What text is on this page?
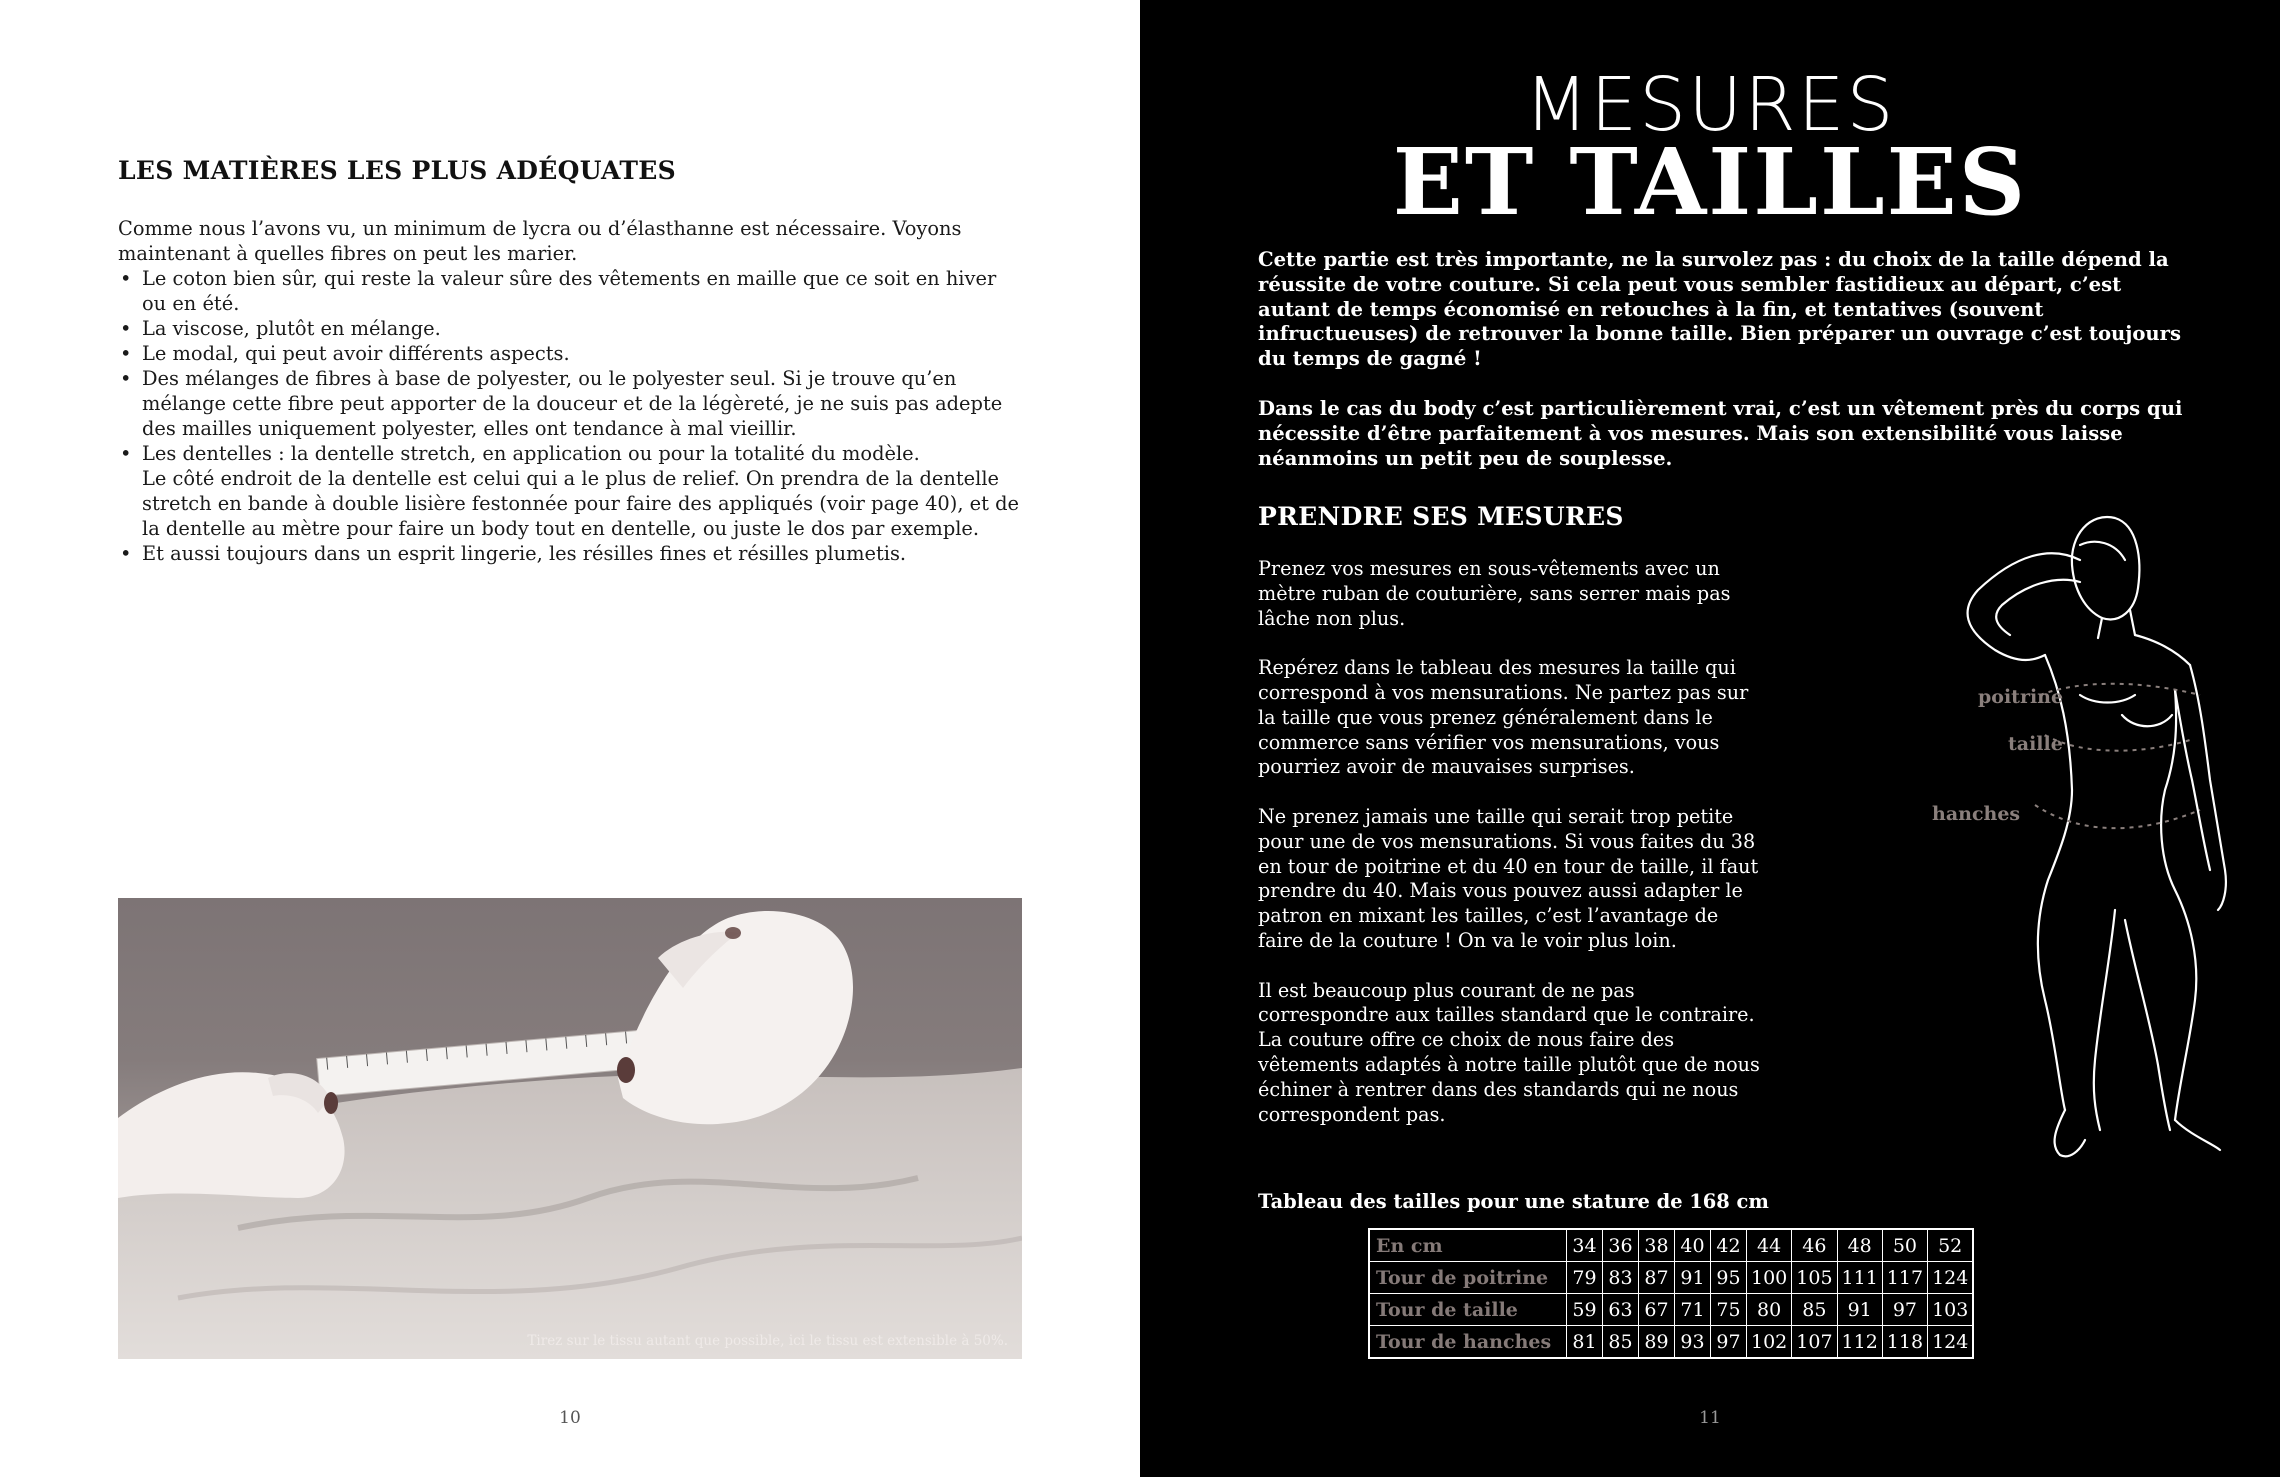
LES MATIÈRES LES PLUS ADÉQUATES

Comme nous l’avons vu, un minimum de lycra ou d’élasthanne est nécessaire. Voyons maintenant à quelles fibres on peut les marier.

• Le coton bien sûr, qui reste la valeur sûre des vêtements en maille que ce soit en hiver ou en été.
• La viscose, plutôt en mélange.
• Le modal, qui peut avoir différents aspects.
• Des mélanges de fibres à base de polyester, ou le polyester seul. Si je trouve qu’en mélange cette fibre peut apporter de la douceur et de la légèreté, je ne suis pas adepte des mailles uniquement polyester, elles ont tendance à mal vieillir.
• Les dentelles : la dentelle stretch, en application ou pour la totalité du modèle.
Le côté endroit de la dentelle est celui qui a le plus de relief. On prendra de la dentelle stretch en bande à double lisière festonnée pour faire des appliqués (voir page 40), et de la dentelle au mètre pour faire un body tout en dentelle, ou juste le dos par exemple.
• Et aussi toujours dans un esprit lingerie, les résilles fines et résilles plumetis.
Tirez sur le tissu autant que possible, ici le tissu est extensible à 50%.
10
MESURES
ET TAILLES

Cette partie est très importante, ne la survolez pas : du choix de la taille dépend la réussite de votre couture. Si cela peut vous sembler fastidieux au départ, c’est autant de temps économisé en retouches à la fin, et tentatives (souvent infructueuses) de retrouver la bonne taille. Bien préparer un ouvrage c’est toujours du temps de gagné !

Dans le cas du body c’est particulièrement vrai, c’est un vêtement près du corps qui nécessite d’être parfaitement à vos mesures. Mais son extensibilité vous laisse néanmoins un petit peu de souplesse.

PRENDRE SES MESURES

Prenez vos mesures en sous-vêtements avec un mètre ruban de couturière, sans serrer mais pas lâche non plus.

Repérez dans le tableau des mesures la taille qui correspond à vos mensurations. Ne partez pas sur la taille que vous prenez généralement dans le commerce sans vérifier vos mensurations, vous pourriez avoir de mauvaises surprises.

Ne prenez jamais une taille qui serait trop petite pour une de vos mensurations. Si vous faites du 38 en tour de poitrine et du 40 en tour de taille, il faut prendre du 40. Mais vous pouvez aussi adapter le patron en mixant les tailles, c’est l’avantage de faire de la couture ! On va le voir plus loin.

Il est beaucoup plus courant de ne pas correspondre aux tailles standard que le contraire. La couture offre ce choix de nous faire des vêtements adaptés à notre taille plutôt que de nous échiner à rentrer dans des standards qui ne nous correspondent pas.

poitrine
taille
hanches
Tableau des tailles pour une stature de 168 cm
En cm	34	36	38	40	42	44	46	48	50	52
Tour de poitrine	79	83	87	91	95	100	105	111	117	124
Tour de taille	59	63	67	71	75	80	85	91	97	103
Tour de hanches	81	85	89	93	97	102	107	112	118	124
11
